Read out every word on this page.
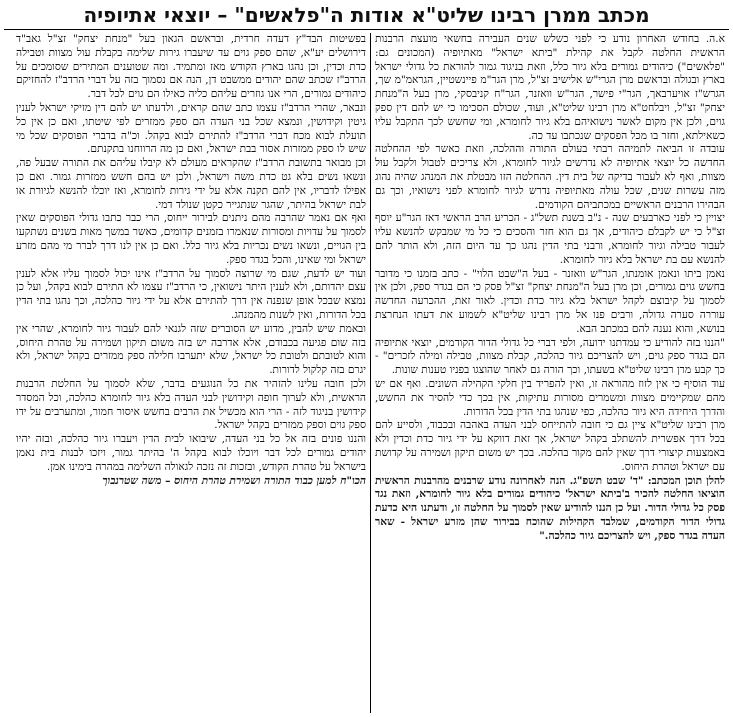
מכתב ממרן רבינו שליט"א אודות ה"פלאשים" – יוצאי אתיופיה

א.ה. בחודש האחרון נודע כי לפני כשלש שנים העבירה בחשאי מועצת הרבנות הראשית החלטה לקבל את קהילת "ביתא ישראל" מאתיופיה (המכונים גם: "פלאשים") כיהודים גמורים בלא גיור כלל, וזאת בניגוד גמור להוראת כל גדולי ישראל בארץ ובגולה ובראשם מרן הגרי"ש אלישיב זצ"ל, מרן הגר"מ פיינשטיין, הגראמ"מ שך, הגרש"ז אויערבאך, הגר"י פישר, הגר"ש וואזנר, הגר"ח קניבסקי, מרן בעל ה"מנחת יצחק" זצ"ל, ויבלחט"א מרן רבינו שליט"א, ועוד, שכולם הסכימו כי יש להם דין ספק גוים, ולכן אין מקום לאשר נישואיהם בלא גיור לחומרא, ומי שחשש לכך התקבל עליו כשאילתא, וחזר בו מכל הפסקים שנכתבו עד כה.

עובדה זו הביאה לתמיהה רבתי בעולם התורה וההלכה, וזאת כאשר לפי ההחלטה החדשה כל יוצאי אתיופיה לא נדרשים לגיור לחומרא, ולא צריכים לטבול ולקבל עול מצוות, ואף לא לעבור בדיקה של בית דין. ההחלטה הזו מבטלת את המנהג שהיה נהוג מזה עשרות שנים, שכל עולה מאתיופיה נדרש לגיור לחומרא לפני נישואיו, וכך גם הבהירו הרבנים הראשיים במכתביהם הקודמים.

יצויין כי לפני כארבעים שנה - נ"ב בשנת תשל"ג - הכריע הרב הראשי דאז הגר"ע יוסף זצ"ל כי יש לקבלם כיהודים, אך גם הוא חזר והסכים כי כל מי שמבקש להנשא עליו לעבור טבילה וגיור לחומרא, ורבני בתי הדין נהגו כך עד היום הזה, ולא הותר להם להנשא עם בת ישראל בלא גיור לחומרא.

נאמן ביתו ונאמן אומנתו, הגר"ש וואזנר - בעל ה"שבט הלוי" - כתב בזמנו כי מדובר בחשש גוים גמורים, וכן מרן בעל ה"מנחת יצחק" זצ"ל פסק כי הם בגדר ספק, ולכן אין לסמוך על קיבוצם לקהל ישראל בלא גיור כדת וכדין. לאור זאת, ההכרעה החדשה עוררה סערה גדולה, ורבים פנו אל מרן רבינו שליט"א לשמוע את דעתו הנחרצת בנושא, והוא נענה להם במכתב הבא.

"הננו בזה להודיע כי עמדתנו ידועה, ולפי דברי כל גדולי הדור הקודמים, יוצאי אתיופיה הם בגדר ספק גוים, ויש להצריכם גיור כהלכה, קבלת מצוות, טבילה ומילה לזכרים" - כך קבע מרן רבינו שליט"א בשעתו, וכך הורה גם לאחר שהוצגו בפניו טענות שונות.

עוד הוסיף כי אין לזוז מהוראה זו, ואין להפריד בין חלקי הקהילה השונים. ואף אם יש מהם שמקיימים מצוות ומשמרים מסורות עתיקות, אין בכך כדי להסיר את החשש, והדרך היחידה היא גיור כהלכה, כפי שנהגו בתי הדין בכל הדורות.

מרן רבינו שליט"א ציין גם כי חובה להתייחס לבני העדה באהבה ובכבוד, ולסייע להם בכל דרך אפשרית להשתלב בקהל ישראל, אך זאת דווקא על ידי גיור כדת וכדין ולא באמצעות קיצורי דרך שאין להם מקור בהלכה. בכך יש משום תיקון ושמירה על קדושת עם ישראל וטהרת היחוס.

להלן תוכן המכתב: "ד' שבט תשפ"ג. הנה לאחרונה נודע שרבנים מהרבנות הראשית הוציאו החלטה להכיר ב'ביתא ישראל' כיהודים גמורים בלא גיור לחומרא, וזאת נגד פסק כל גדולי הדור. ועל כן הננו להודיע שאין לסמוך על החלטה זו, ודעתנו היא כדעת גדולי הדור הקודמים, שמלבד הקהילות שהוכח בבירור שהן מזרע ישראל - שאר העדה בגדר ספק, ויש להצריכם גיור כהלכה."

בפשיטות הבד"ץ דעדה חרדית, ובראשם הגאון בעל "מנחת יצחק" זצ"ל גאב"ד דירושלים יע"א, שהם ספק גוים עד שיעברו גירות שלימה בקבלת עול מצוות וטבילה כדת וכדין, וכן נהגו בארץ הקודש מאז ומתמיד. ומה שטוענים המתירים שסומכים על הרדב"ז שכתב שהם יהודים ממשבט דן, הנה אם נסמוך בזה על דברי הרדב"ז להחזיקם כיהודים גמורים, הרי אנו גוזרים עליהם כליה כאילו הם גוים לכל דבר.

ונבאר, שהרי הרדב"ז עצמו כתב שהם קראים, ולדעתו יש להם דין מזיקי ישראל לענין גיטין וקידושין, ונמצא שכל בני העדה הם ספק ממזרים לפי שיטתו, ואם כן אין כל תועלת לבוא מכח דברי הרדב"ז להתירם לבוא בקהל. וכ"ה בדברי הפוסקים שכל מי שיש לו ספק ממזרות אסור בבת ישראל, ואם כן מה הרווחנו בתקנתם.

וכן מבואר בתשובת הרדב"ז שהקראים מעולם לא קיבלו עליהם את התורה שבעל פה, ונשאו נשים בלא גט כדת משה וישראל, ולכן יש בהם חשש ממזרות גמור. ואם כן אפילו לדבריו, אין להם תקנה אלא על ידי גירות לחומרא, ואז יוכלו להנשא לגיורת או לבת ישראל בהיתר, שהגר שנתגייר כקטן שנולד דמי.

ואף אם נאמר שהרבה מהם ניתנים לבירור ייחוס, הרי כבר כתבו גדולי הפוסקים שאין לסמוך על עדויות ומסורות שנאמרו בזמנים קדומים, כאשר במשך מאות בשנים נשתקעו בין הגויים, ונשאו נשים נכריות בלא גיור כלל. ואם כן אין לנו דרך לברר מי מהם מזרע ישראל ומי שאינו, והכל בגדר ספק.

ועוד יש לדעת, שגם מי שרוצה לסמוך על הרדב"ז אינו יכול לסמוך עליו אלא לענין עצם יהדותם, ולא לענין היתר נישואין, כי הרדב"ז עצמו לא התירם לבוא בקהל, ועל כן נמצא שבכל אופן שנפנה אין דרך להתירם אלא על ידי גיור כהלכה, וכך נהגו בתי הדין בכל הדורות, ואין לשנות מהמנהג.

ובאמת שיש להבין, מדוע יש הסוברים שזה לגנאי להם לעבור גיור לחומרא, שהרי אין בזה שום פגיעה בכבודם, אלא אדרבה יש בזה משום תיקון ושמירה על טהרת היחוס, והוא לטובתם ולטובת כל ישראל, שלא יתערבו חלילה ספק ממזרים בקהל ישראל, ולא יגרם בזה קלקול לדורות.

ולכן חובה עלינו להזהיר את כל הנוגעים בדבר, שלא לסמוך על החלטת הרבנות הראשית, ולא לערוך חופה וקידושין לבני העדה בלא גיור לחומרא כהלכה, וכל המסדר קידושין בניגוד לזה - הרי הוא מכשיל את הרבים בחשש איסור חמור, ומתערבים על ידו ספק גוים וספק ממזרים בקהל ישראל.

והננו פונים בזה אל כל בני העדה, שיבואו לבית הדין ויעברו גיור כהלכה, ובזה יהיו יהודים גמורים לכל דבר ויוכלו לבוא בקהל ה' בהיתר גמור, ויזכו לבנות בית נאמן בישראל על טהרת הקודש, ובזכות זה נזכה לגאולה השלימה במהרה בימינו אמן.

הכו"ח למען כבוד התורה ושמירת טהרת היחוס – משה שטרנבוך
